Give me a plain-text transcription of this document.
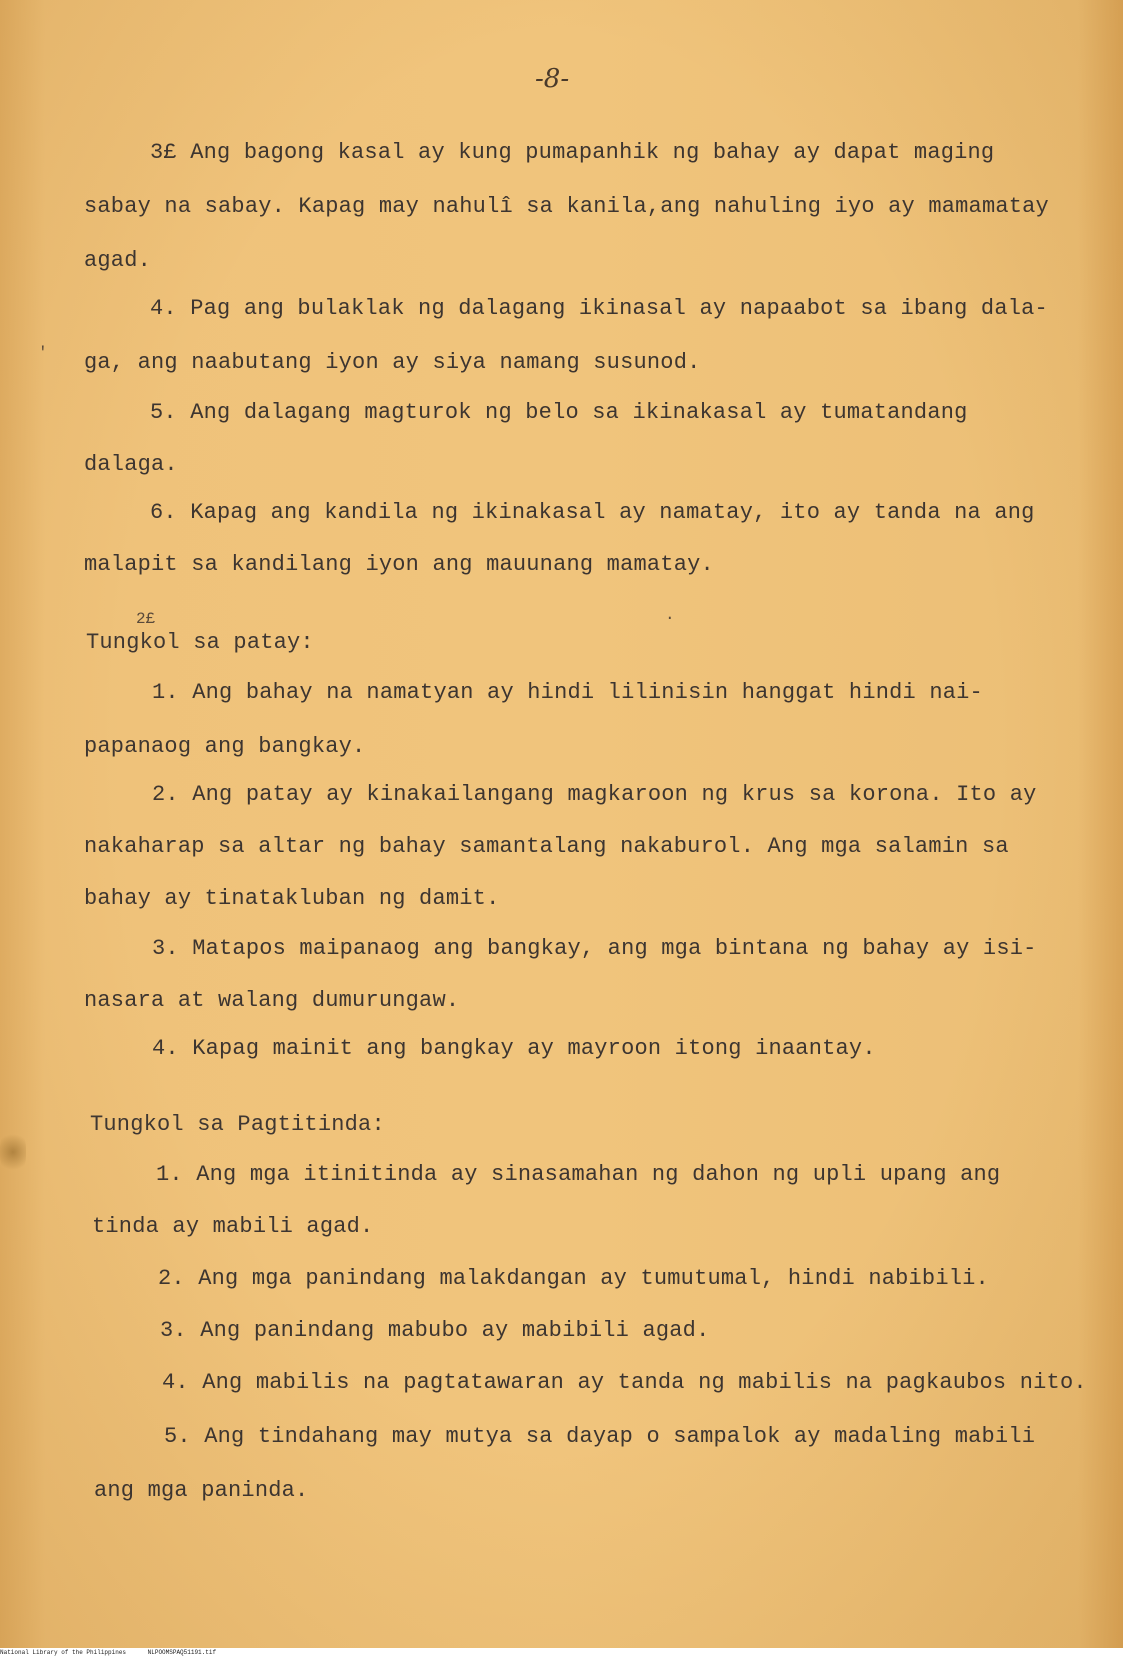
-8-
3£ Ang bagong kasal ay kung pumapanhik ng bahay ay dapat maging
sabay na sabay. Kapag may nahulî sa kanila,ang nahuling iyo ay mamamatay
agad.
4. Pag ang bulaklak ng dalagang ikinasal ay napaabot sa ibang dala-
ga, ang naabutang iyon ay siya namang susunod.
5. Ang dalagang magturok ng belo sa ikinakasal ay tumatandang
dalaga.
6. Kapag ang kandila ng ikinakasal ay namatay, ito ay tanda na ang
malapit sa kandilang iyon ang mauunang mamatay.
2£	.
'
Tungkol sa patay:
1. Ang bahay na namatyan ay hindi lilinisin hanggat hindi nai-
papanaog ang bangkay.
2. Ang patay ay kinakailangang magkaroon ng krus sa korona. Ito ay
nakaharap sa altar ng bahay samantalang nakaburol. Ang mga salamin sa
bahay ay tinatakluban ng damit.
3. Matapos maipanaog ang bangkay, ang mga bintana ng bahay ay isi-
nasara at walang dumurungaw.
4. Kapag mainit ang bangkay ay mayroon itong inaantay.
Tungkol sa Pagtitinda:
1. Ang mga itinitinda ay sinasamahan ng dahon ng upli upang ang
tinda ay mabili agad.
2. Ang mga panindang malakdangan ay tumutumal, hindi nabibili.
3. Ang panindang mabubo ay mabibili agad.
4. Ang mabilis na pagtatawaran ay tanda ng mabilis na pagkaubos nito.
5. Ang tindahang may mutya sa dayap o sampalok ay madaling mabili
ang mga paninda.
National Library of the Philippines	NLPOOMSPAQ51191.tif
